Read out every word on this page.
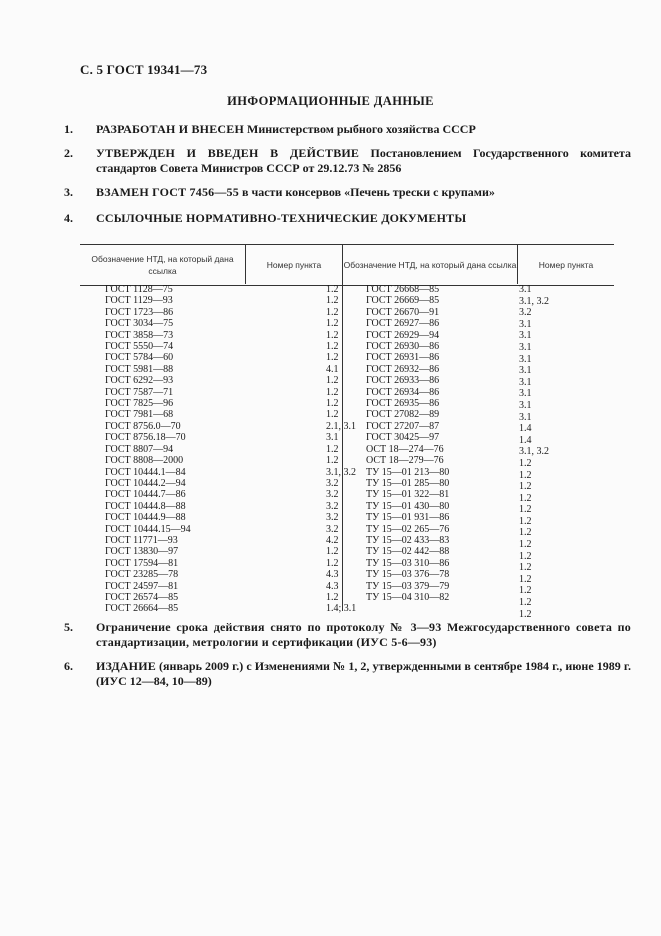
С. 5 ГОСТ 19341—73
ИНФОРМАЦИОННЫЕ ДАННЫЕ
1. РАЗРАБОТАН И ВНЕСЕН Министерством рыбного хозяйства СССР
2. УТВЕРЖДЕН И ВВЕДЕН В ДЕЙСТВИЕ Постановлением Государственного комитета стандартов Совета Министров СССР от 29.12.73 № 2856
3. ВЗАМЕН ГОСТ 7456—55 в части консервов «Печень трески с крупами»
4. ССЫЛОЧНЫЕ НОРМАТИВНО-ТЕХНИЧЕСКИЕ ДОКУМЕНТЫ
Обозначение НТД, на который дана ссылка
Номер пункта	Обозначение НТД, на который дана ссылка	Номер пункта
ГОСТ 1128—75
ГОСТ 1129—93
ГОСТ 1723—86
ГОСТ 3034—75
ГОСТ 3858—73
ГОСТ 5550—74
ГОСТ 5784—60
ГОСТ 5981—88
ГОСТ 6292—93
ГОСТ 7587—71
ГОСТ 7825—96
ГОСТ 7981—68
ГОСТ 8756.0—70
ГОСТ 8756.18—70
ГОСТ 8807—94
ГОСТ 8808—2000
ГОСТ 10444.1—84
ГОСТ 10444.2—94
ГОСТ 10444.7—86
ГОСТ 10444.8—88
ГОСТ 10444.9—88
ГОСТ 10444.15—94
ГОСТ 11771—93
ГОСТ 13830—97
ГОСТ 17594—81
ГОСТ 23285—78
ГОСТ 24597—81
ГОСТ 26574—85
ГОСТ 26664—85
1.2
1.2
1.2
1.2
1.2
1.2
1.2
4.1
1.2
1.2
1.2
1.2
2.1, 3.1
3.1
1.2
1.2
3.1, 3.2
3.2
3.2
3.2
3.2
3.2
4.2
1.2
1.2
4.3
4.3
1.2
1.4; 3.1
ГОСТ 26668—85
ГОСТ 26669—85
ГОСТ 26670—91
ГОСТ 26927—86
ГОСТ 26929—94
ГОСТ 26930—86
ГОСТ 26931—86
ГОСТ 26932—86
ГОСТ 26933—86
ГОСТ 26934—86
ГОСТ 26935—86
ГОСТ 27082—89
ГОСТ 27207—87
ГОСТ 30425—97
ОСТ 18—274—76
ОСТ 18—279—76
ТУ 15—01 213—80
ТУ 15—01 285—80
ТУ 15—01 322—81
ТУ 15—01 430—80
ТУ 15—01 931—86
ТУ 15—02 265—76
ТУ 15—02 433—83
ТУ 15—02 442—88
ТУ 15—03 310—86
ТУ 15—03 376—78
ТУ 15—03 379—79
ТУ 15—04 310—82
3.1
3.1, 3.2
3.2
3.1
3.1
3.1
3.1
3.1
3.1
3.1
3.1
3.1
1.4
1.4
3.1, 3.2
1.2
1.2
1.2
1.2
1.2
1.2
1.2
1.2
1.2
1.2
1.2
1.2
1.2
1.2
5. Ограничение срока действия снято по протоколу № 3—93 Межгосударственного совета по стандартизации, метрологии и сертификации (ИУС 5-6—93)
6. ИЗДАНИЕ (январь 2009 г.) с Изменениями № 1, 2, утвержденными в сентябре 1984 г., июне 1989 г. (ИУС 12—84, 10—89)
